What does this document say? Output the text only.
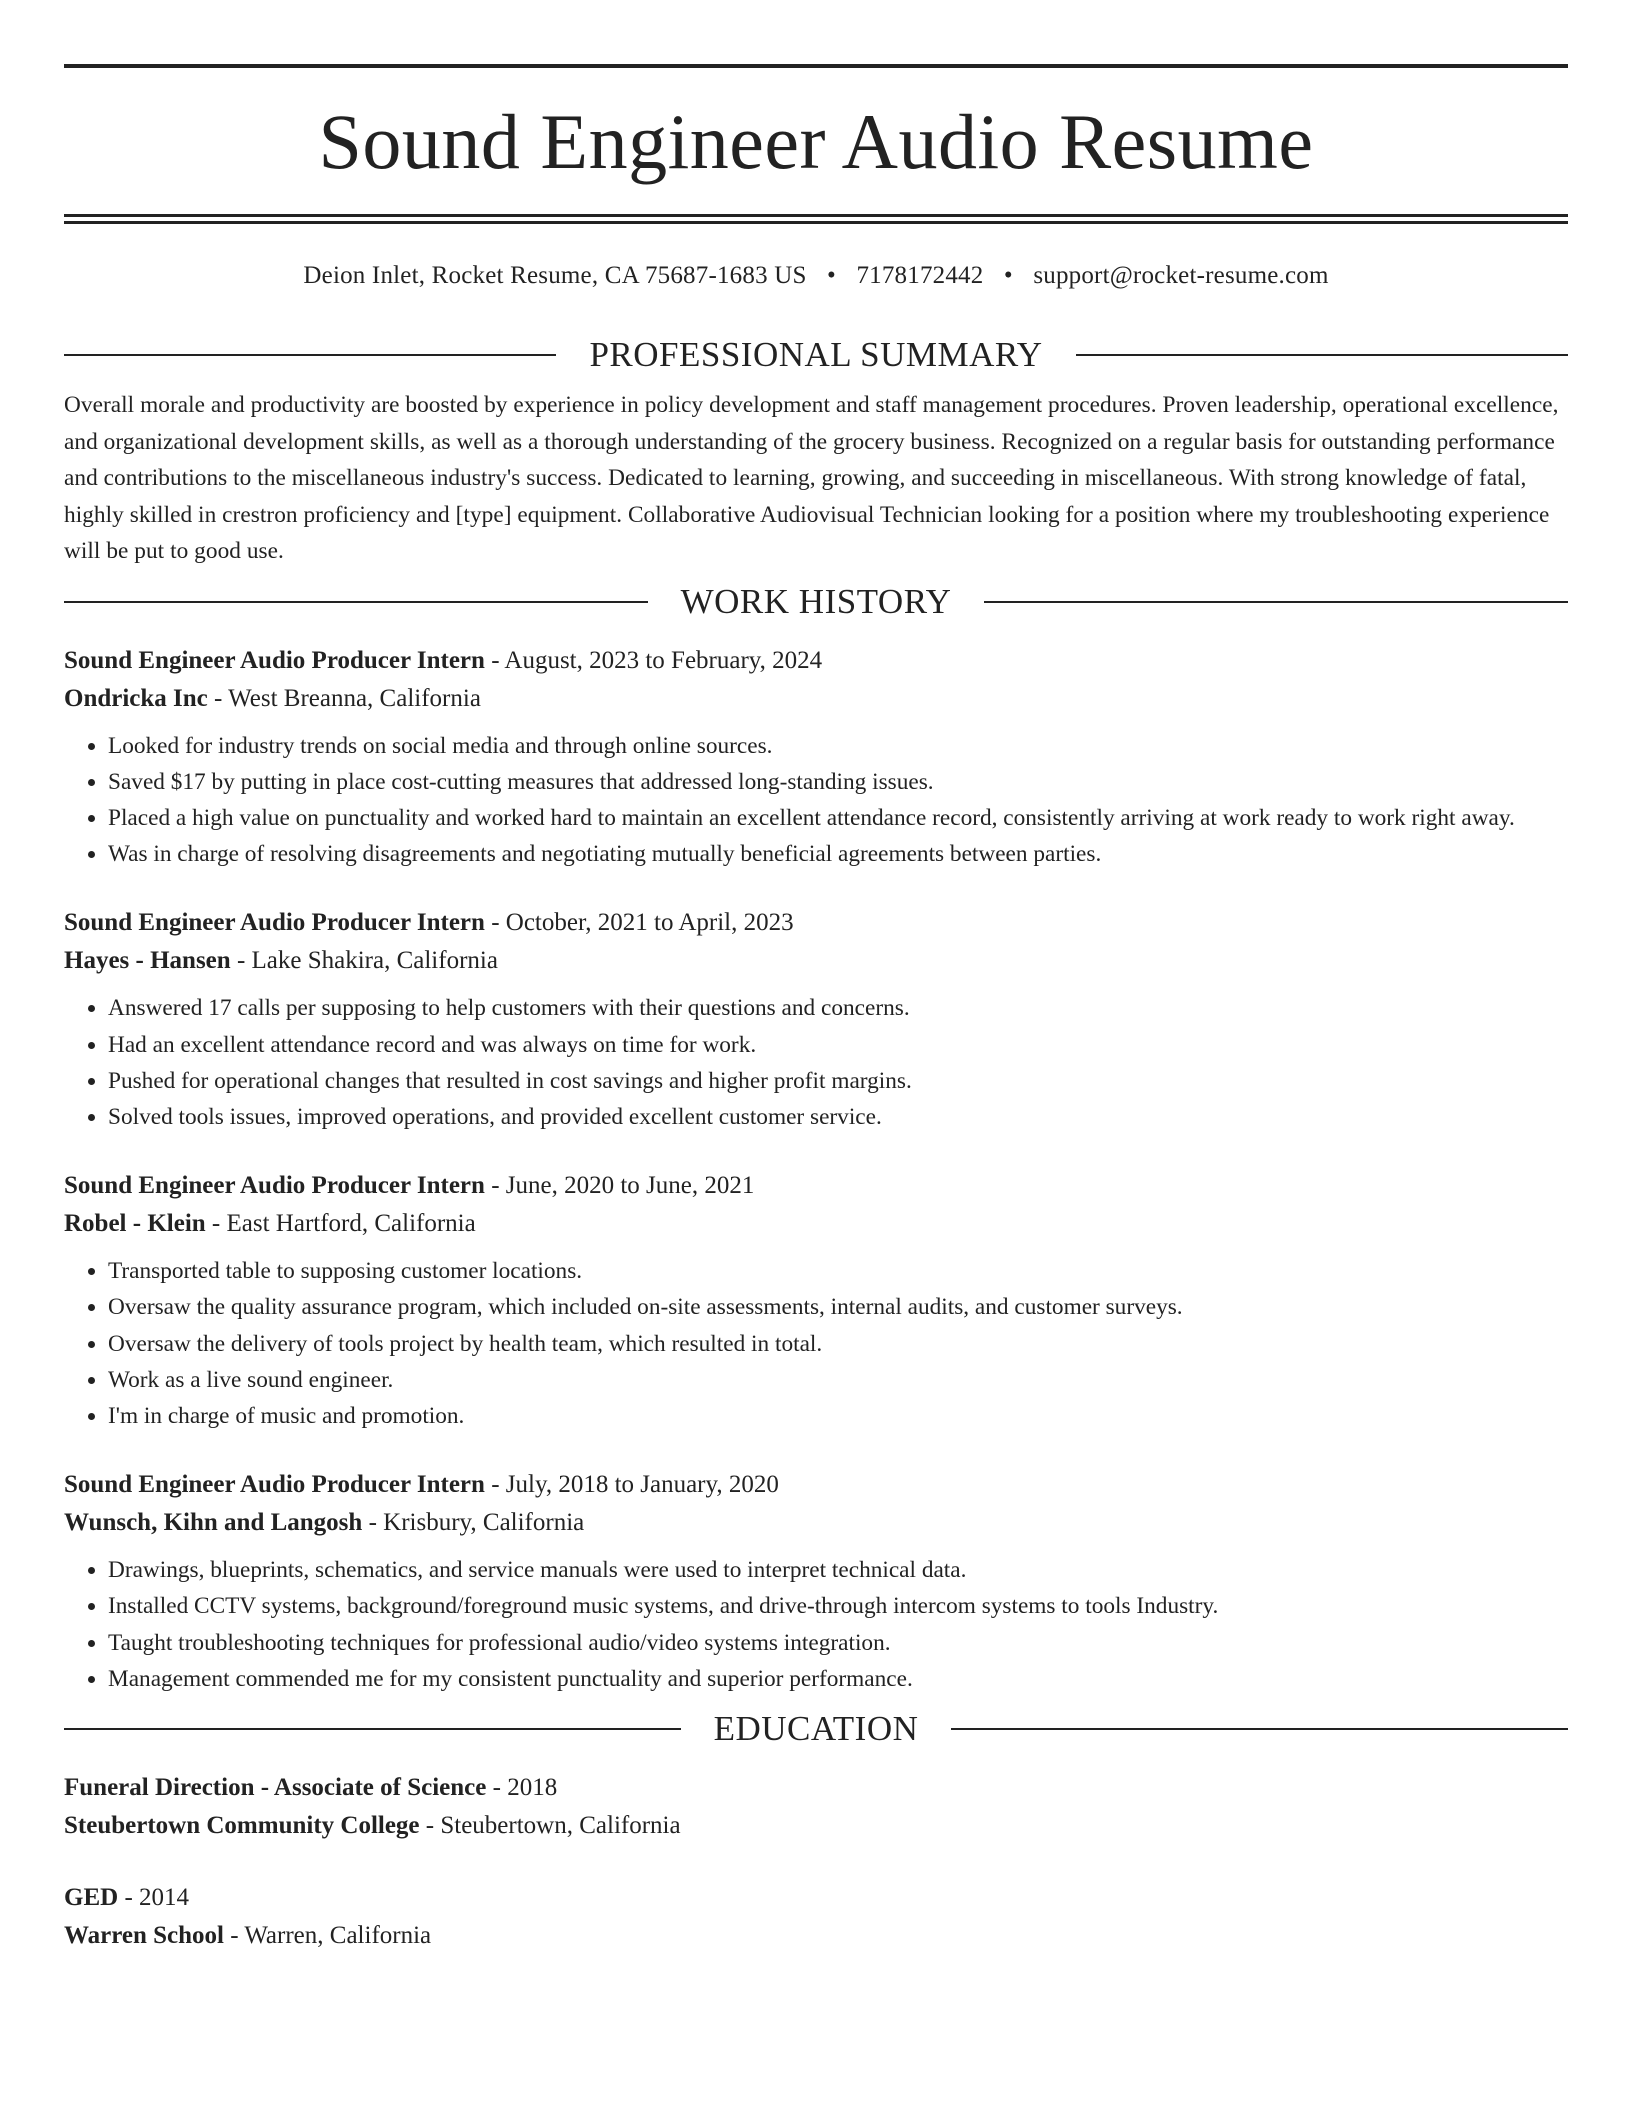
Sound Engineer Audio Resume
Deion Inlet, Rocket Resume, CA 75687-1683 US • 7178172442 • support@rocket-resume.com
PROFESSIONAL SUMMARY
Overall morale and productivity are boosted by experience in policy development and staff management procedures. Proven leadership, operational excellence, and organizational development skills, as well as a thorough understanding of the grocery business. Recognized on a regular basis for outstanding performance and contributions to the miscellaneous industry's success. Dedicated to learning, growing, and succeeding in miscellaneous. With strong knowledge of fatal, highly skilled in crestron proficiency and [type] equipment. Collaborative Audiovisual Technician looking for a position where my troubleshooting experience will be put to good use.
WORK HISTORY
Sound Engineer Audio Producer Intern - August, 2023 to February, 2024
Ondricka Inc - West Breanna, California
• Looked for industry trends on social media and through online sources.
• Saved $17 by putting in place cost-cutting measures that addressed long-standing issues.
• Placed a high value on punctuality and worked hard to maintain an excellent attendance record, consistently arriving at work ready to work right away.
• Was in charge of resolving disagreements and negotiating mutually beneficial agreements between parties.
Sound Engineer Audio Producer Intern - October, 2021 to April, 2023
Hayes - Hansen - Lake Shakira, California
• Answered 17 calls per supposing to help customers with their questions and concerns.
• Had an excellent attendance record and was always on time for work.
• Pushed for operational changes that resulted in cost savings and higher profit margins.
• Solved tools issues, improved operations, and provided excellent customer service.
Sound Engineer Audio Producer Intern - June, 2020 to June, 2021
Robel - Klein - East Hartford, California
• Transported table to supposing customer locations.
• Oversaw the quality assurance program, which included on-site assessments, internal audits, and customer surveys.
• Oversaw the delivery of tools project by health team, which resulted in total.
• Work as a live sound engineer.
• I'm in charge of music and promotion.
Sound Engineer Audio Producer Intern - July, 2018 to January, 2020
Wunsch, Kihn and Langosh - Krisbury, California
• Drawings, blueprints, schematics, and service manuals were used to interpret technical data.
• Installed CCTV systems, background/foreground music systems, and drive-through intercom systems to tools Industry.
• Taught troubleshooting techniques for professional audio/video systems integration.
• Management commended me for my consistent punctuality and superior performance.
EDUCATION
Funeral Direction - Associate of Science - 2018
Steubertown Community College - Steubertown, California
GED - 2014
Warren School - Warren, California
